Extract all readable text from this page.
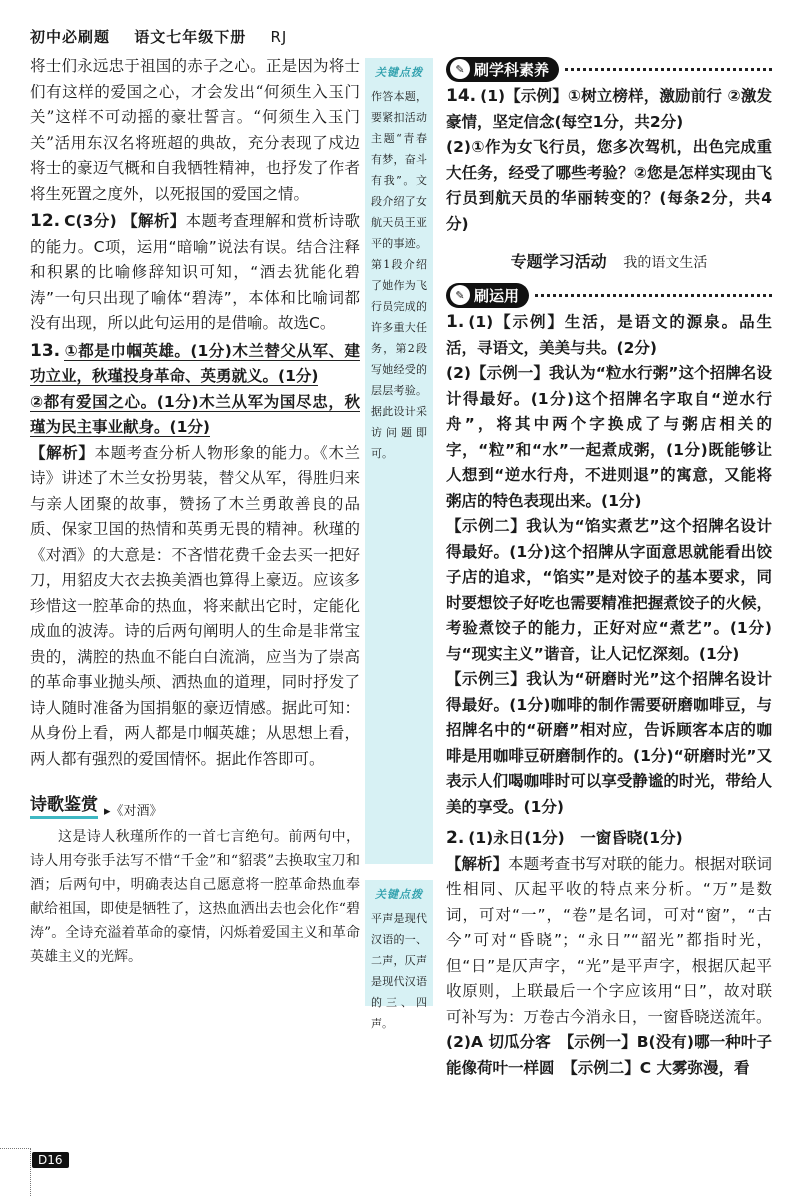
初中必刷题 语文七年级下册 RJ

将士们永远忠于祖国的赤子之心。正是因为将士们有这样的爱国之心，才会发出“何须生入玉门关”这样不可动摇的豪壮誓言。“何须生入玉门关”活用东汉名将班超的典故，充分表现了戍边将士的豪迈气概和自我牺牲精神，也抒发了作者将生死置之度外，以死报国的爱国之情。

12. C(3分) 【解析】本题考查理解和赏析诗歌的能力。C项，运用“暗喻”说法有误。结合注释和积累的比喻修辞知识可知，“酒去犹能化碧涛”一句只出现了喻体“碧涛”，本体和比喻词都没有出现，所以此句运用的是借喻。故选C。

13. ①都是巾帼英雄。(1分)木兰替父从军、建功立业，秋瑾投身革命、英勇就义。(1分)
②都有爱国之心。(1分)木兰从军为国尽忠，秋瑾为民主事业献身。(1分)

【解析】本题考查分析人物形象的能力。《木兰诗》讲述了木兰女扮男装，替父从军，得胜归来与亲人团聚的故事，赞扬了木兰勇敢善良的品质、保家卫国的热情和英勇无畏的精神。秋瑾的《对酒》的大意是：不吝惜花费千金去买一把好刀，用貂皮大衣去换美酒也算得上豪迈。应该多珍惜这一腔革命的热血，将来献出它时，定能化成血的波涛。诗的后两句阐明人的生命是非常宝贵的，满腔的热血不能白白流淌，应当为了崇高的革命事业抛头颅、洒热血的道理，同时抒发了诗人随时准备为国捐躯的豪迈情感。据此可知：从身份上看，两人都是巾帼英雄；从思想上看，两人都有强烈的爱国情怀。据此作答即可。

诗歌鉴赏 ▸《对酒》

这是诗人秋瑾所作的一首七言绝句。前两句中，诗人用夸张手法写不惜“千金”和“貂裘”去换取宝刀和酒；后两句中，明确表达自己愿意将一腔革命热血奉献给祖国，即使是牺牲了，这热血洒出去也会化作“碧涛”。全诗充溢着革命的豪情，闪烁着爱国主义和革命英雄主义的光辉。

关键点拨
作答本题，要紧扣活动主题“青春有梦，奋斗有我”。文段介绍了女航天员王亚平的事迹。第1段介绍了她作为飞行员完成的许多重大任务，第2段写她经受的层层考验。据此设计采访问题即可。
关键点拨
平声是现代汉语的一、二声，仄声是现代汉语的三、四声。
✎ 刷学科素养

14. (1)【示例】①树立榜样，激励前行 ②激发豪情，坚定信念(每空1分，共2分)

(2)①作为女飞行员，您多次驾机，出色完成重大任务，经受了哪些考验？②您是怎样实现由飞行员到航天员的华丽转变的？(每条2分，共4分)

专题学习活动 我的语文生活
✎ 刷运用

1. (1)【示例】生活，是语文的源泉。品生活，寻语文，美美与共。(2分)

(2)【示例一】我认为“粒水行粥”这个招牌名设计得最好。(1分)这个招牌名字取自“逆水行舟”，将其中两个字换成了与粥店相关的字，“粒”和“水”一起煮成粥，(1分)既能够让人想到“逆水行舟，不进则退”的寓意，又能将粥店的特色表现出来。(1分)

【示例二】我认为“馅实煮艺”这个招牌名设计得最好。(1分)这个招牌从字面意思就能看出饺子店的追求，“馅实”是对饺子的基本要求，同时要想饺子好吃也需要精准把握煮饺子的火候，考验煮饺子的能力，正好对应“煮艺”。(1分)与“现实主义”谐音，让人记忆深刻。(1分)

【示例三】我认为“研磨时光”这个招牌名设计得最好。(1分)咖啡的制作需要研磨咖啡豆，与招牌名中的“研磨”相对应，告诉顾客本店的咖啡是用咖啡豆研磨制作的。(1分)“研磨时光”又表示人们喝咖啡时可以享受静谧的时光，带给人美的享受。(1分)

2. (1)永日(1分)　一窗昏晓(1分)

【解析】本题考查书写对联的能力。根据对联词性相同、仄起平收的特点来分析。“万”是数词，可对“一”，“卷”是名词，可对“窗”，“古今”可对“昏晓”；“永日”“韶光”都指时光，但“日”是仄声字，“光”是平声字，根据仄起平收原则，上联最后一个字应该用“日”，故对联可补写为：万卷古今消永日，一窗昏晓送流年。

(2)A 切瓜分客　【示例一】B(没有)哪一种叶子能像荷叶一样圆　【示例二】C 大雾弥漫，看

D16
